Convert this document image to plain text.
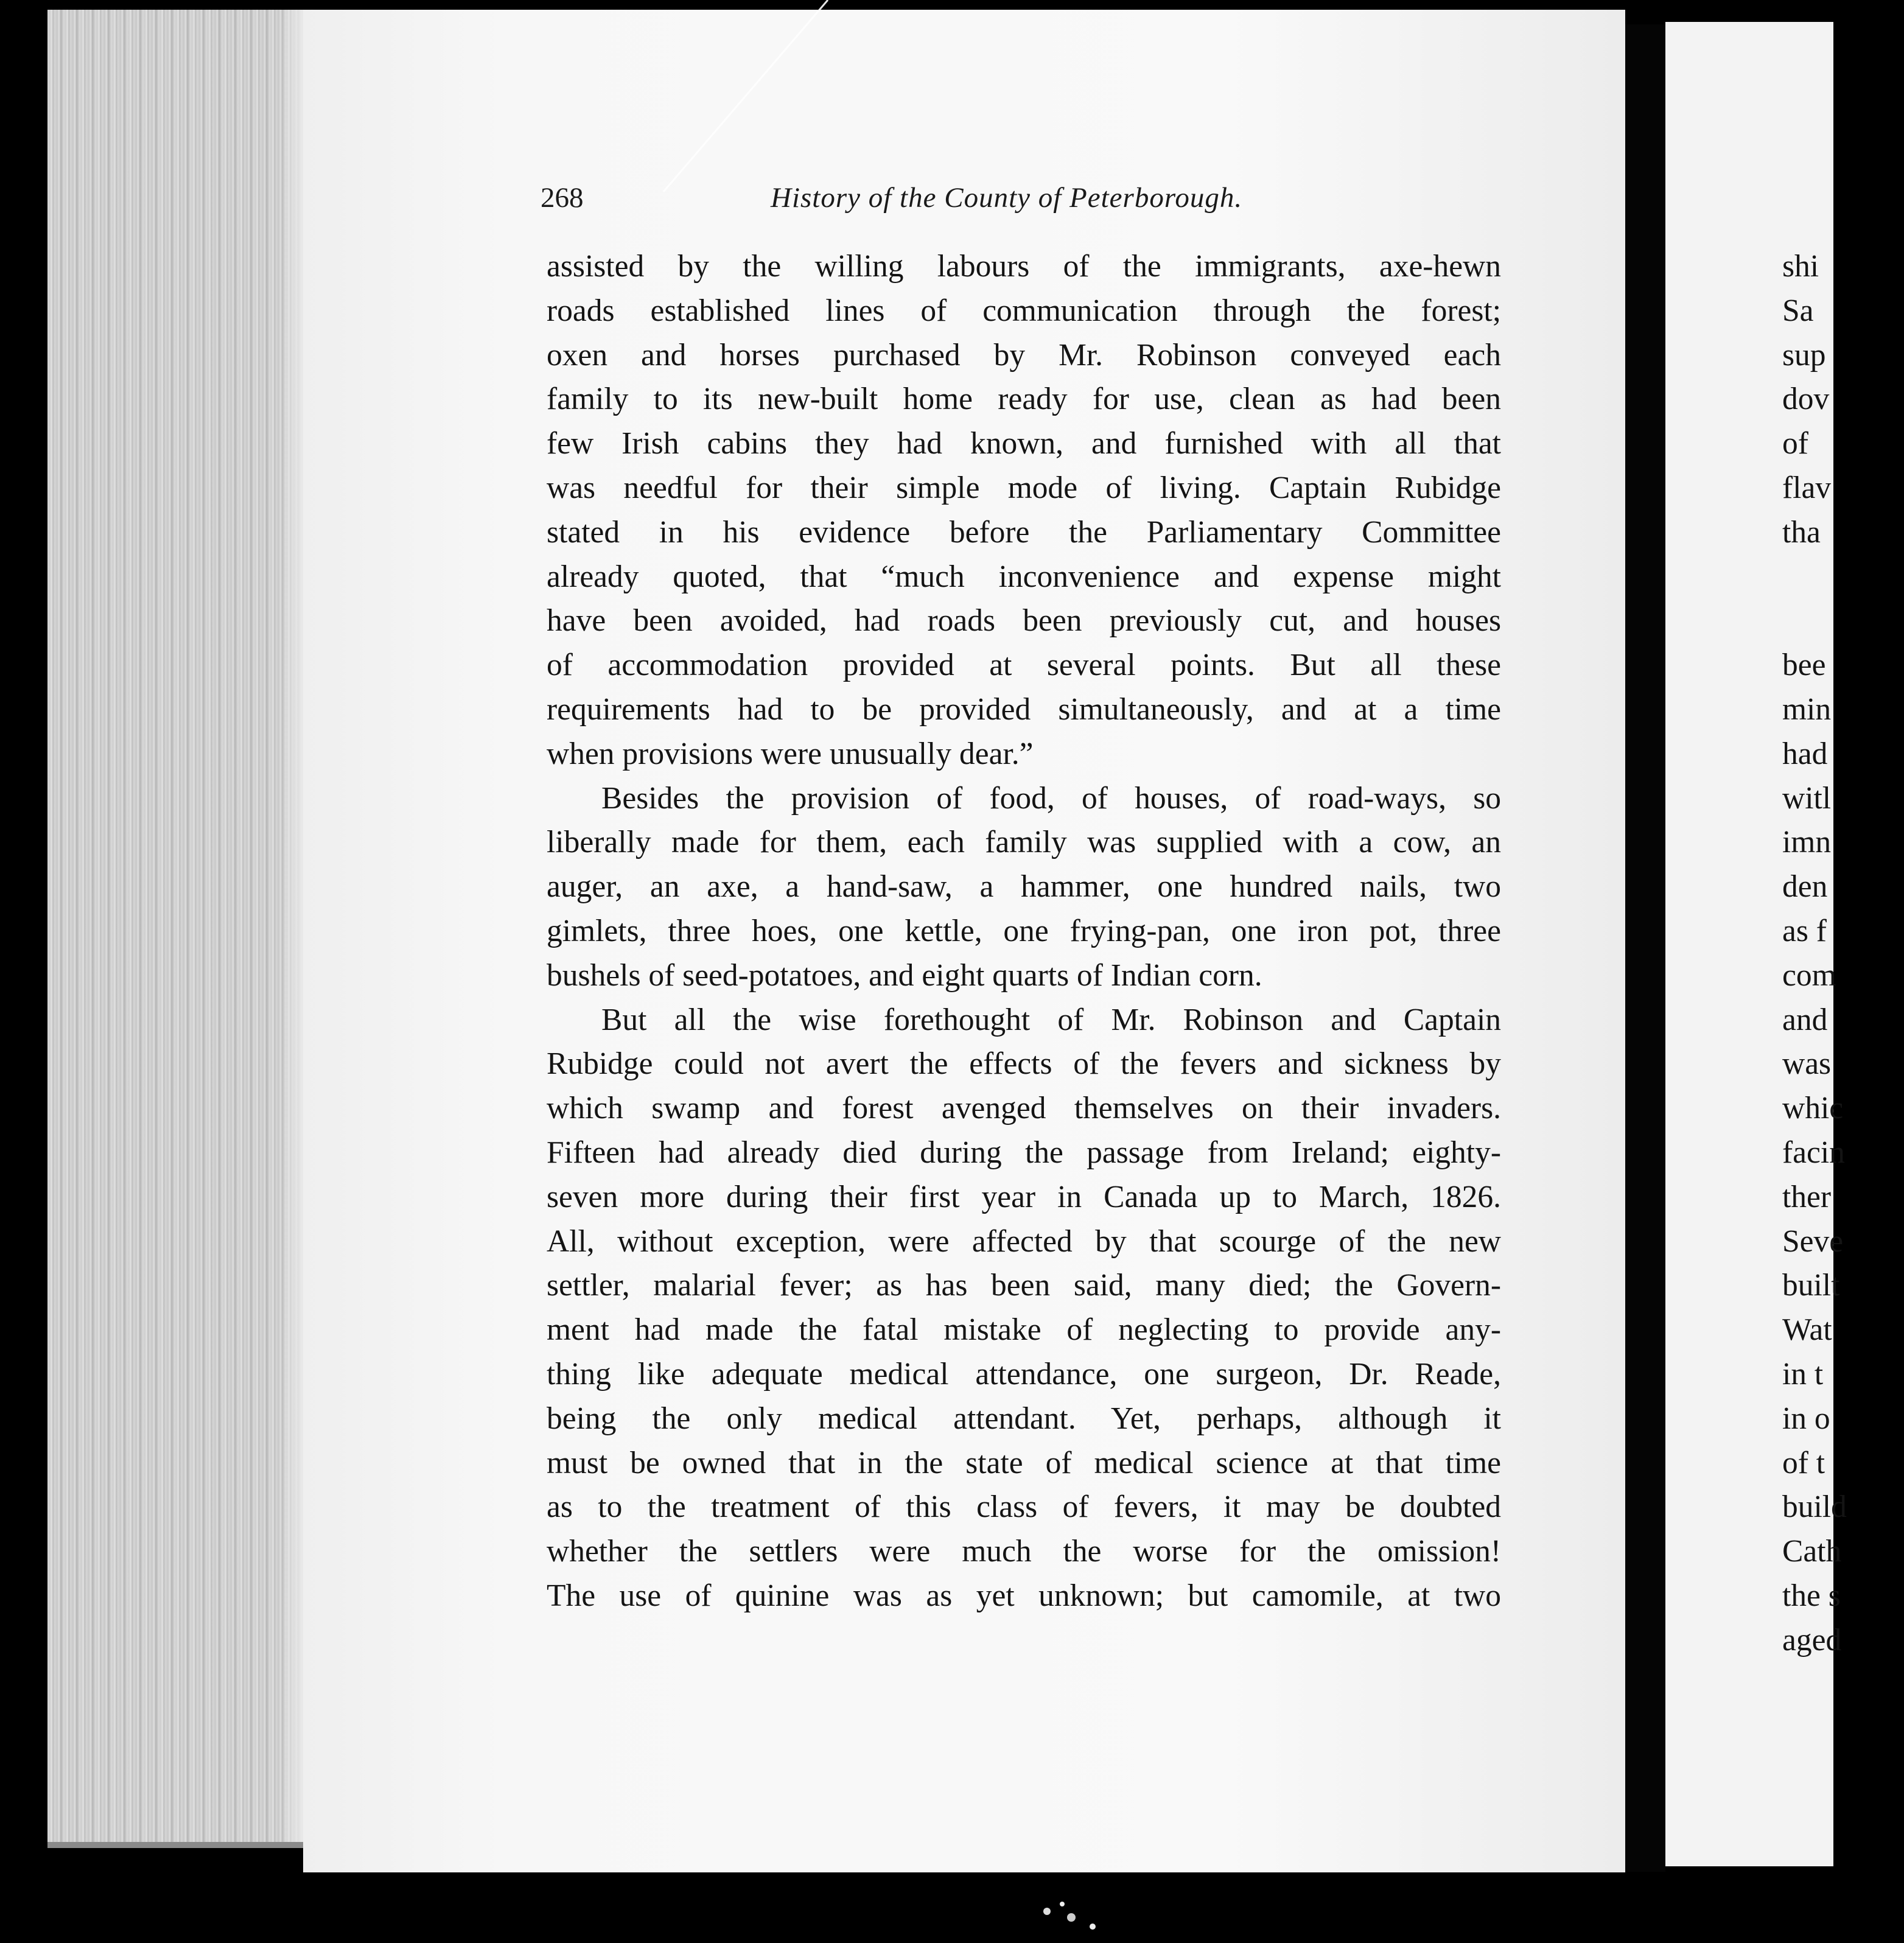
268	History of the County of Peterborough.
assisted by the willing labours of the immigrants, axe-hewn
roads established lines of communication through the forest;
oxen and horses purchased by Mr. Robinson conveyed each
family to its new-built home ready for use, clean as had been
few Irish cabins they had known, and furnished with all that
was needful for their simple mode of living. Captain Rubidge
stated in his evidence before the Parliamentary Committee
already quoted, that “much inconvenience and expense might
have been avoided, had roads been previously cut, and houses
of accommodation provided at several points. But all these
requirements had to be provided simultaneously, and at a time
when provisions were unusually dear.”
Besides the provision of food, of houses, of road-ways, so
liberally made for them, each family was supplied with a cow, an
auger, an axe, a hand-saw, a hammer, one hundred nails, two
gimlets, three hoes, one kettle, one frying-pan, one iron pot, three
bushels of seed-potatoes, and eight quarts of Indian corn.
But all the wise forethought of Mr. Robinson and Captain
Rubidge could not avert the effects of the fevers and sickness by
which swamp and forest avenged themselves on their invaders.
Fifteen had already died during the passage from Ireland; eighty-
seven more during their first year in Canada up to March, 1826.
All, without exception, were affected by that scourge of the new
settler, malarial fever; as has been said, many died; the Govern-
ment had made the fatal mistake of neglecting to provide any-
thing like adequate medical attendance, one surgeon, Dr. Reade,
being the only medical attendant. Yet, perhaps, although it
must be owned that in the state of medical science at that time
as to the treatment of this class of fevers, it may be doubted
whether the settlers were much the worse for the omission!
The use of quinine was as yet unknown; but camomile, at two
shi
Sa
sup
dov
of
flav
tha
bee
min
had
witl
imn
den
as f
com
and
was
whic
facin
ther
Seve
built
Wat
in t
in o
of t
build
Cath
the s
aged
